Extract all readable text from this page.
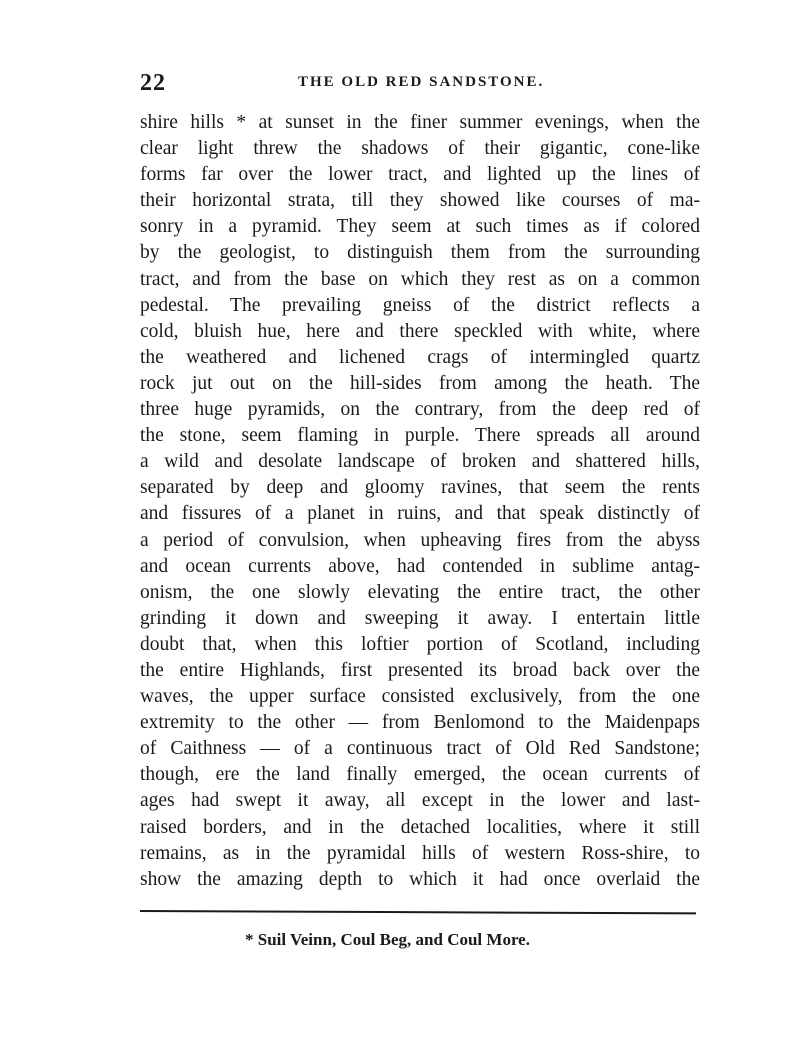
22	THE OLD RED SANDSTONE.
shire hills * at sunset in the finer summer evenings, when the
clear light threw the shadows of their gigantic, cone-like
forms far over the lower tract, and lighted up the lines of
their horizontal strata, till they showed like courses of ma-
sonry in a pyramid. They seem at such times as if colored
by the geologist, to distinguish them from the surrounding
tract, and from the base on which they rest as on a common
pedestal. The prevailing gneiss of the district reflects a
cold, bluish hue, here and there speckled with white, where
the weathered and lichened crags of intermingled quartz
rock jut out on the hill-sides from among the heath. The
three huge pyramids, on the contrary, from the deep red of
the stone, seem flaming in purple. There spreads all around
a wild and desolate landscape of broken and shattered hills,
separated by deep and gloomy ravines, that seem the rents
and fissures of a planet in ruins, and that speak distinctly of
a period of convulsion, when upheaving fires from the abyss
and ocean currents above, had contended in sublime antag-
onism, the one slowly elevating the entire tract, the other
grinding it down and sweeping it away. I entertain little
doubt that, when this loftier portion of Scotland, including
the entire Highlands, first presented its broad back over the
waves, the upper surface consisted exclusively, from the one
extremity to the other — from Benlomond to the Maidenpaps
of Caithness — of a continuous tract of Old Red Sandstone;
though, ere the land finally emerged, the ocean currents of
ages had swept it away, all except in the lower and last-
raised borders, and in the detached localities, where it still
remains, as in the pyramidal hills of western Ross-shire, to
show the amazing depth to which it had once overlaid the
* Suil Veinn, Coul Beg, and Coul More.
